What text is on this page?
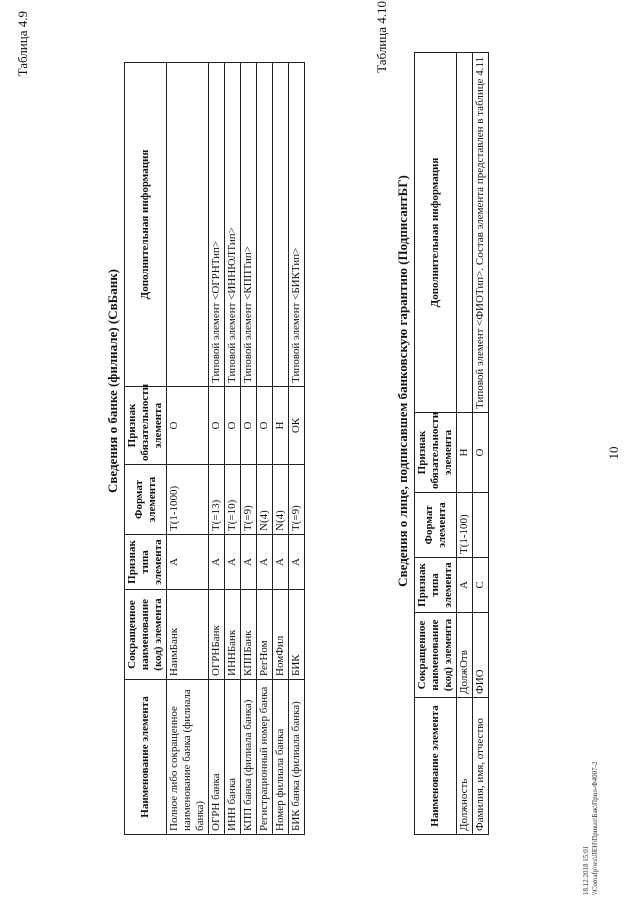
Таблица 4.9
Сведения о банке (филиале) (СвБанк)
Наименование элемента	Сокращенное наименование (код) элемента	Признак типа элемента	Формат элемента	Признак обязательности элемента	Дополнительная информация
Полное либо сокращенное наименование банка (филиала банка)	НаимБанк	А	T(1-1000)	О	
ОГРН банка	ОГРНБанк	А	T(=13)	О	Типовой элемент <ОГРНТип>
ИНН банка	ИННБанк	А	T(=10)	О	Типовой элемент <ИННЮЛТип>
КПП банка (филиала банка)	КППБанк	А	T(=9)	О	Типовой элемент <КППТип>
Регистрационный номер банка	РегНом	А	N(4)	О	
Номер филиала банка	НомФил	А	N(4)	Н	
БИК банка (филиала банка)	БИК	А	T(=9)	ОК	Типовой элемент <БИКТип>
Таблица 4.10
Сведения о лице, подписавшем банковскую гарантию (ПодписантБГ)
Наименование элемента	Сокращенное наименование (код) элемента	Признак типа элемента	Формат элемента	Признак обязательности элемента	Дополнительная информация
Должность	ДолжОтв	А	T(1-100)	Н	
Фамилия, имя, отчество	ФИО	С		О	Типовой элемент <ФИОТип>. Состав элемента представлен в таблице 4.11
10
18.12.2018 15:01 \\Comafp\ws\ЛЕН\Приказ\Бак\Прил-Ф4007-2
